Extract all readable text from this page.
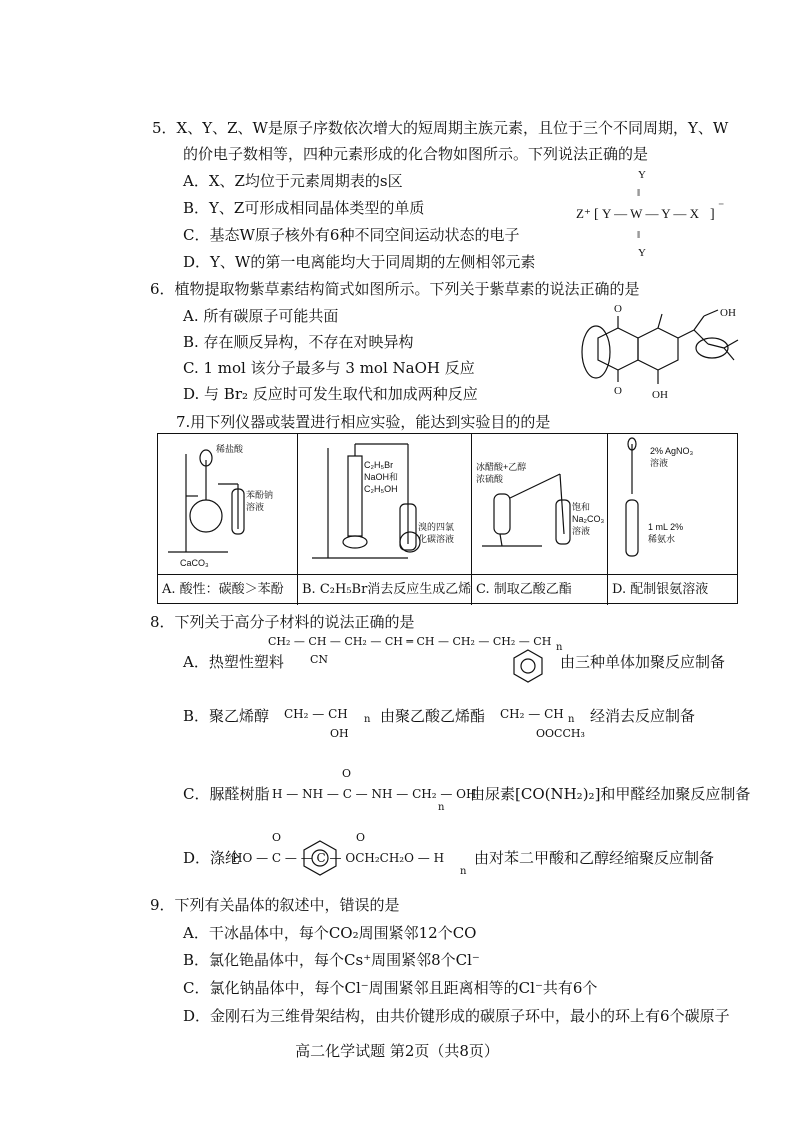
5．X、Y、Z、W是原子序数依次增大的短周期主族元素，且位于三个不同周期，Y、W
的价电子数相等，四种元素形成的化合物如图所示。下列说法正确的是
A．X、Z均位于元素周期表的s区
B．Y、Z可形成相同晶体类型的单质
C．基态W原子核外有6种不同空间运动状态的电子
D．Y、W的第一电离能均大于同周期的左侧相邻元素
Y
‖
Z⁺ [ Y — W — Y — X ]
⁻
‖
Y
6．植物提取物紫草素结构简式如图所示。下列关于紫草素的说法正确的是
A. 所有碳原子可能共面
B. 存在顺反异构，不存在对映异构
C. 1 mol 该分子最多与 3 mol NaOH 反应
D. 与 Br₂ 反应时可发生取代和加成两种反应
O
O	OH
OH
7.用下列仪器或装置进行相应实验，能达到实验目的的是
稀盐酸
苯酚钠
溶液
CaCO₃
A. 酸性：碳酸＞苯酚
C₂H₅Br
NaOH和
C₂H₅OH
溴的四氯
化碳溶液
B. C₂H₅Br消去反应生成乙烯
冰醋酸+乙醇
浓硫酸
饱和
Na₂CO₃
溶液
C. 制取乙酸乙酯
2% AgNO₃
溶液
1 mL 2%
稀氨水
D. 配制银氨溶液
8．下列关于高分子材料的说法正确的是
A．热塑性塑料
CH₂ — CH — CH₂ — CH ═ CH — CH₂ — CH₂ — CH
CN
n
由三种单体加聚反应制备
B．聚乙烯醇 CH₂ — CH
OH
n 由聚乙酸乙烯酯 CH₂ — CH
OOCCH₃
n 经消去反应制备
C．脲醛树脂
O
H — NH — C — NH — CH₂ — OH
n
由尿素[CO(NH₂)₂]和甲醛经加聚反应制备
D．涤纶
O	O
HO — C — — C — OCH₂CH₂O — H
n
由对苯二甲酸和乙醇经缩聚反应制备
9．下列有关晶体的叙述中，错误的是
A．干冰晶体中，每个CO₂周围紧邻12个CO
B．氯化铯晶体中，每个Cs⁺周围紧邻8个Cl⁻
C．氯化钠晶体中，每个Cl⁻周围紧邻且距离相等的Cl⁻共有6个
D．金刚石为三维骨架结构，由共价键形成的碳原子环中，最小的环上有6个碳原子
高二化学试题 第2页（共8页）
